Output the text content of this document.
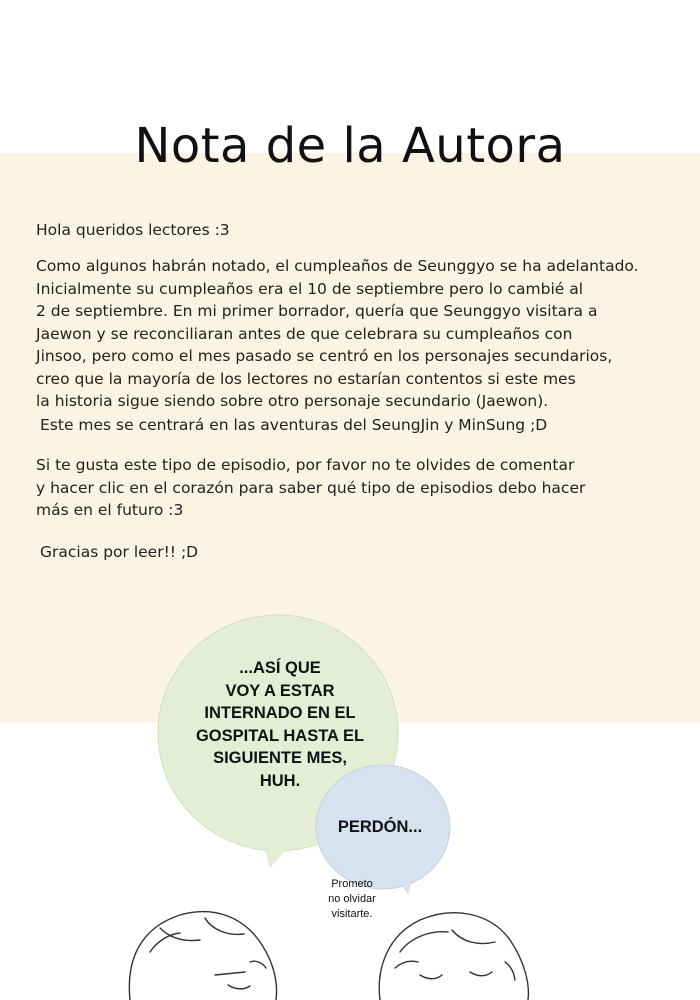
Nota de la Autora
Hola queridos lectores :3
Como algunos habrán notado, el cumpleaños de Seunggyo se ha adelantado.
Inicialmente su cumpleaños era el 10 de septiembre pero lo cambié al
2 de septiembre. En mi primer borrador, quería que Seunggyo visitara a
Jaewon y se reconciliaran antes de que celebrara su cumpleaños con
Jinsoo, pero como el mes pasado se centró en los personajes secundarios,
creo que la mayoría de los lectores no estarían contentos si este mes
la historia sigue siendo sobre otro personaje secundario (Jaewon).
Este mes se centrará en las aventuras del SeungJin y MinSung ;D
Si te gusta este tipo de episodio, por favor no te olvides de comentar
y hacer clic en el corazón para saber qué tipo de episodios debo hacer
más en el futuro :3
Gracias por leer!! ;D
...ASÍ QUE
VOY A ESTAR
INTERNADO EN EL
GOSPITAL HASTA EL
SIGUIENTE MES,
HUH.
PERDÓN...
Prometo
no olvidar
visitarte.
